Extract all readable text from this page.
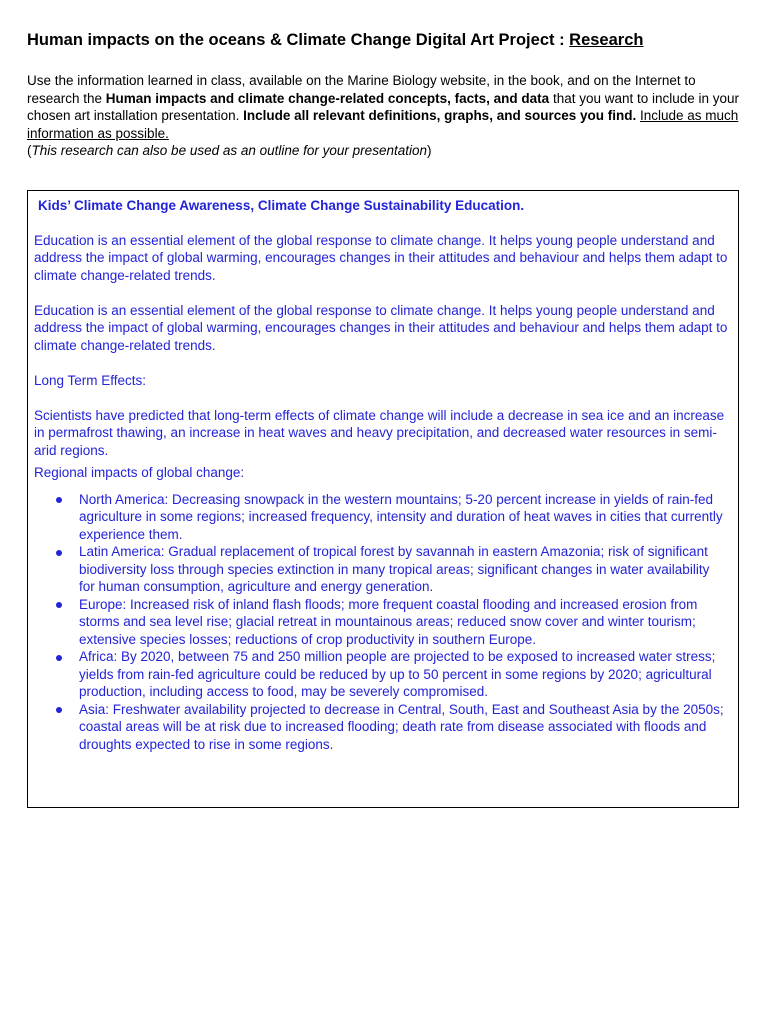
Human impacts on the oceans & Climate Change Digital Art Project : Research

Use the information learned in class, available on the Marine Biology website, in the book, and on the Internet to research the Human impacts and climate change-related concepts, facts, and data that you want to include in your chosen art installation presentation. Include all relevant definitions, graphs, and sources you find. Include as much information as possible.

(This research can also be used as an outline for your presentation)

Kids’ Climate Change Awareness, Climate Change Sustainability Education.

Education is an essential element of the global response to climate change. It helps young people understand and address the impact of global warming, encourages changes in their attitudes and behaviour and helps them adapt to climate change-related trends.

Education is an essential element of the global response to climate change. It helps young people understand and address the impact of global warming, encourages changes in their attitudes and behaviour and helps them adapt to climate change-related trends.

Long Term Effects:

Scientists have predicted that long-term effects of climate change will include a decrease in sea ice and an increase in permafrost thawing, an increase in heat waves and heavy precipitation, and decreased water resources in semi-arid regions.

Regional impacts of global change:

North America: Decreasing snowpack in the western mountains; 5-20 percent increase in yields of rain-fed agriculture in some regions; increased frequency, intensity and duration of heat waves in cities that currently experience them.
Latin America: Gradual replacement of tropical forest by savannah in eastern Amazonia; risk of significant biodiversity loss through species extinction in many tropical areas; significant changes in water availability for human consumption, agriculture and energy generation.
Europe: Increased risk of inland flash floods; more frequent coastal flooding and increased erosion from storms and sea level rise; glacial retreat in mountainous areas; reduced snow cover and winter tourism; extensive species losses; reductions of crop productivity in southern Europe.
Africa: By 2020, between 75 and 250 million people are projected to be exposed to increased water stress; yields from rain-fed agriculture could be reduced by up to 50 percent in some regions by 2020; agricultural production, including access to food, may be severely compromised.
Asia: Freshwater availability projected to decrease in Central, South, East and Southeast Asia by the 2050s; coastal areas will be at risk due to increased flooding; death rate from disease associated with floods and droughts expected to rise in some regions.
